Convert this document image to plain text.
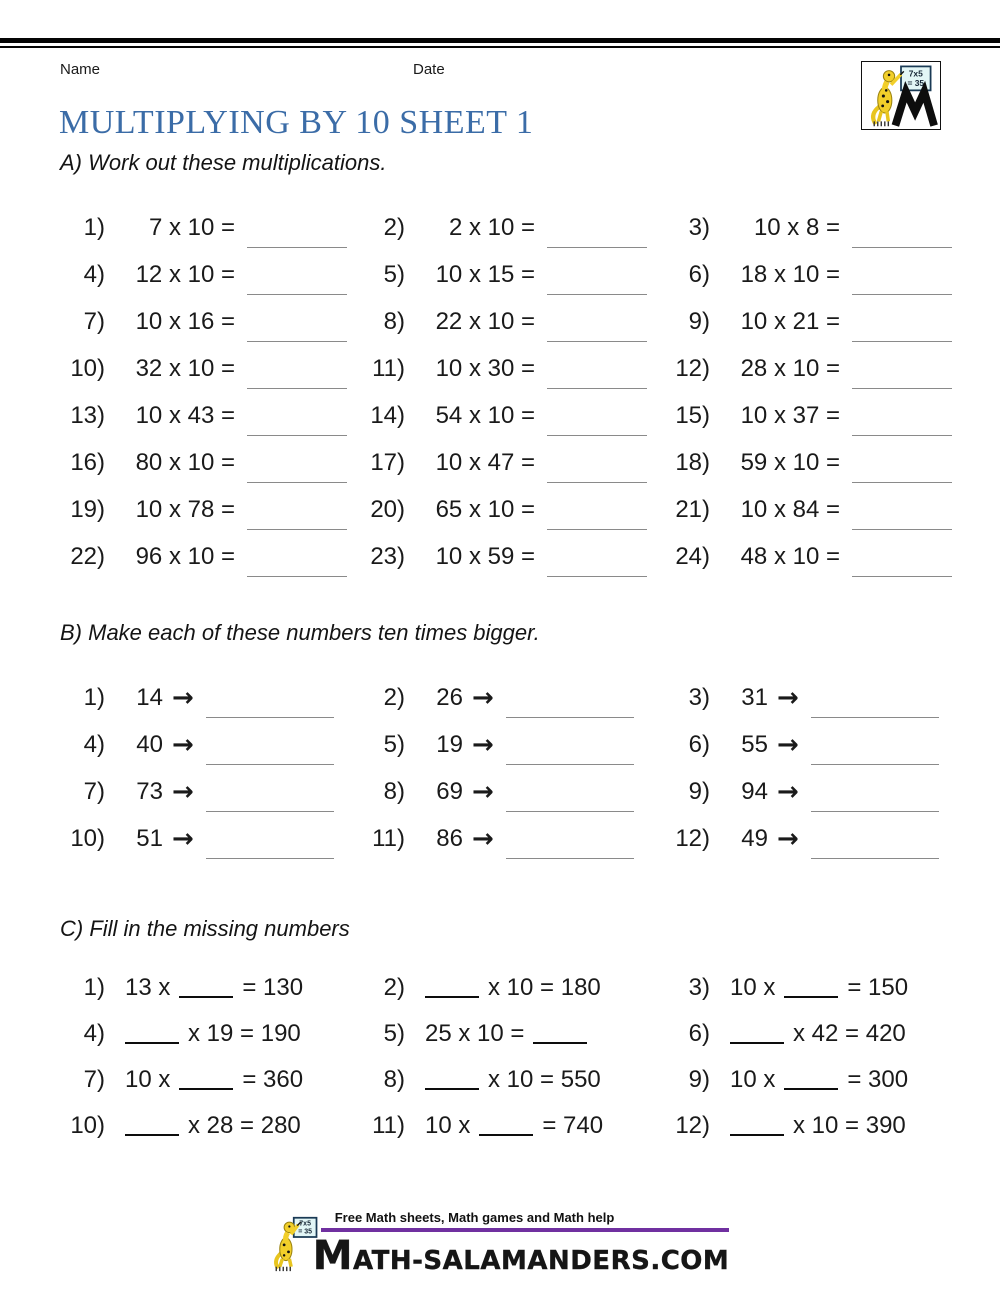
Name	Date	7x5
= 35
MULTIPLYING BY 10 SHEET 1
A) Work out these multiplications.
1)	7 x 10 =	2)	2 x 10 =	3)	10 x 8 =
4)	12 x 10 =	5)	10 x 15 =	6)	18 x 10 =
7)	10 x 16 =	8)	22 x 10 =	9)	10 x 21 =
10)	32 x 10 =	11)	10 x 30 =	12)	28 x 10 =
13)	10 x 43 =	14)	54 x 10 =	15)	10 x 37 =
16)	80 x 10 =	17)	10 x 47 =	18)	59 x 10 =
19)	10 x 78 =	20)	65 x 10 =	21)	10 x 84 =
22)	96 x 10 =	23)	10 x 59 =	24)	48 x 10 =
B) Make each of these numbers ten times bigger.
1)	14 →	2)	26 →	3)	31 →
4)	40 →	5)	19 →	6)	55 →
7)	73 →	8)	69 →	9)	94 →
10)	51 →	11)	86 →	12)	49 →
C) Fill in the missing numbers
1) 13 x	= 130	2)	x 10 = 180	3) 10 x	= 150
4)	x 19 = 190	5) 25 x 10 =	6)	x 42 = 420
7) 10 x	= 360	8)	x 10 = 550	9) 10 x	= 300
10)	x 28 = 280	11) 10 x	= 740	12)	x 10 = 390
7x5
= 35
Free Math sheets, Math games and Math help
MATH-SALAMANDERS.COM
